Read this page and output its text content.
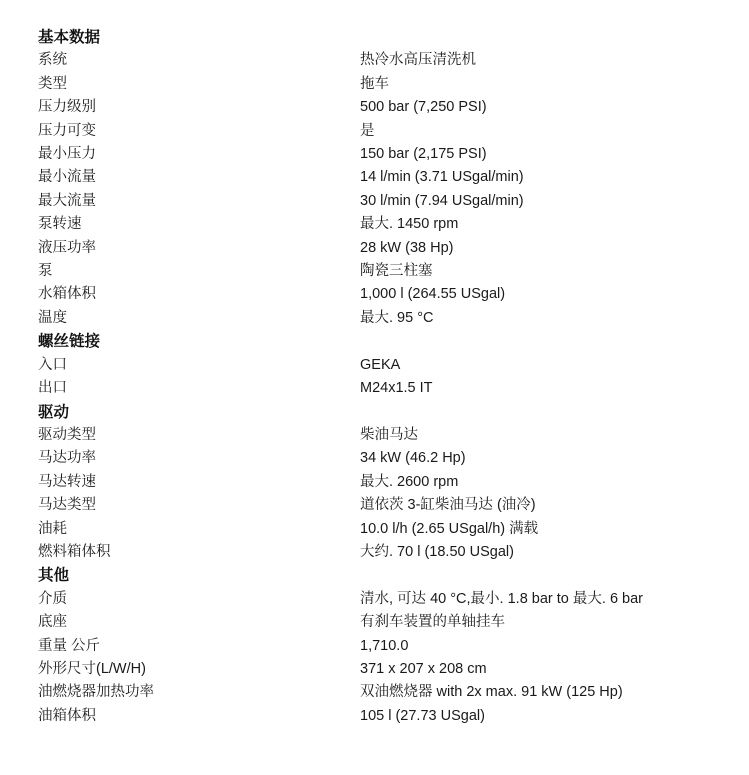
基本数据
系统	热冷水高压清洗机
类型	拖车
压力级别	500 bar (7,250 PSI)
压力可变	是
最小压力	150 bar (2,175 PSI)
最小流量	14 l/min (3.71 USgal/min)
最大流量	30 l/min (7.94 USgal/min)
泵转速	最大. 1450 rpm
液压功率	28 kW (38 Hp)
泵	陶瓷三柱塞
水箱体积	1,000 l (264.55 USgal)
温度	最大. 95 °C
螺丝链接
入口	GEKA
出口	M24x1.5 IT
驱动
驱动类型	柴油马达
马达功率	34 kW (46.2 Hp)
马达转速	最大. 2600 rpm
马达类型	道依茨 3-缸柴油马达 (油冷)
油耗	10.0 l/h (2.65 USgal/h) 满载
燃料箱体积	大约. 70 l (18.50 USgal)
其他
介质	清水, 可达 40 °C,最小. 1.8 bar to 最大. 6 bar
底座	有刹车装置的单轴挂车
重量 公斤	1,710.0
外形尺寸(L/W/H)	371 x 207 x 208 cm
油燃烧器加热功率	双油燃烧器 with 2x max. 91 kW (125 Hp)
油箱体积	105 l (27.73 USgal)
